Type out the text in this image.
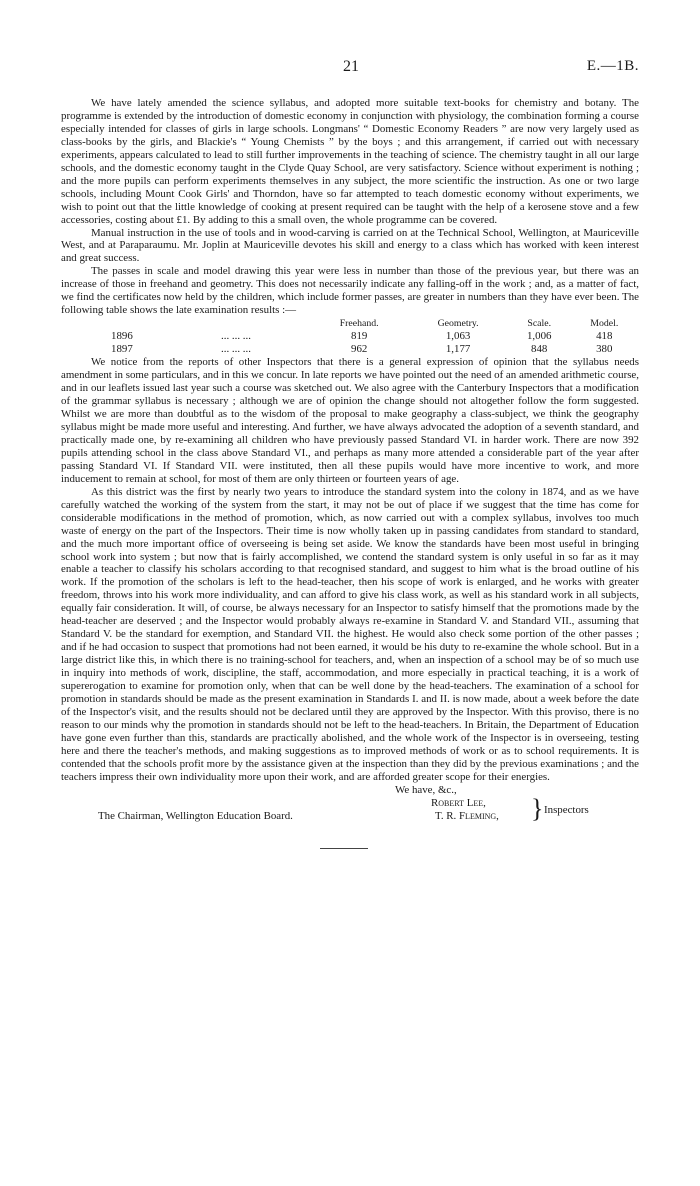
21	E.—1B.

We have lately amended the science syllabus, and adopted more suitable text-books for chemistry and botany. The programme is extended by the introduction of domestic economy in conjunction with physiology, the combination forming a course especially intended for classes of girls in large schools. Longmans' “ Domestic Economy Readers ” are now very largely used as class-books by the girls, and Blackie's “ Young Chemists ” by the boys ; and this arrangement, if carried out with necessary experiments, appears calculated to lead to still further improvements in the teaching of science. The chemistry taught in all our large schools, and the domestic economy taught in the Clyde Quay School, are very satisfactory. Science without experiment is nothing ; and the more pupils can perform experiments themselves in any subject, the more scientific the instruction. As one or two large schools, including Mount Cook Girls' and Thorndon, have so far attempted to teach domestic economy without experiments, we wish to point out that the little knowledge of cooking at present required can be taught with the help of a kerosene stove and a few accessories, costing about £1. By adding to this a small oven, the whole programme can be covered.

Manual instruction in the use of tools and in wood-carving is carried on at the Technical School, Wellington, at Mauriceville West, and at Paraparaumu. Mr. Joplin at Mauriceville devotes his skill and energy to a class which has worked with keen interest and great success.

The passes in scale and model drawing this year were less in number than those of the previous year, but there was an increase of those in freehand and geometry. This does not necessarily indicate any falling-off in the work ; and, as a matter of fact, we find the certificates now held by the children, which include former passes, are greater in numbers than they have ever been. The following table shows the late examination results :—

		Freehand.	Geometry.	Scale.	Model.
1896	... ... ...	819	1,063	1,006	418
1897	... ... ...	962	1,177	848	380

We notice from the reports of other Inspectors that there is a general expression of opinion that the syllabus needs amendment in some particulars, and in this we concur. In late reports we have pointed out the need of an amended arithmetic course, and in our leaflets issued last year such a course was sketched out. We also agree with the Canterbury Inspectors that a modification of the grammar syllabus is necessary ; although we are of opinion the change should not altogether follow the form suggested. Whilst we are more than doubtful as to the wisdom of the proposal to make geography a class-subject, we think the geography syllabus might be made more useful and interesting. And further, we have always advocated the adoption of a seventh standard, and practically made one, by re-examining all children who have previously passed Standard VI. in harder work. There are now 392 pupils attending school in the class above Standard VI., and perhaps as many more attended a considerable part of the year after passing Standard VI. If Standard VII. were instituted, then all these pupils would have more incentive to work, and more inducement to remain at school, for most of them are only thirteen or fourteen years of age.

As this district was the first by nearly two years to introduce the standard system into the colony in 1874, and as we have carefully watched the working of the system from the start, it may not be out of place if we suggest that the time has come for considerable modifications in the method of promotion, which, as now carried out with a complex syllabus, involves too much waste of energy on the part of the Inspectors. Their time is now wholly taken up in passing candidates from standard to standard, and the much more important office of overseeing is being set aside. We know the standards have been most useful in bringing school work into system ; but now that is fairly accomplished, we contend the standard system is only useful in so far as it may enable a teacher to classify his scholars according to that recognised standard, and suggest to him what is the broad outline of his work. If the promotion of the scholars is left to the head-teacher, then his scope of work is enlarged, and he works with greater freedom, throws into his work more individuality, and can afford to give his class work, as well as his standard work in all subjects, equally fair consideration. It will, of course, be always necessary for an Inspector to satisfy himself that the promotions made by the head-teacher are deserved ; and the Inspector would probably always re-examine in Standard V. and Standard VII., assuming that Standard V. be the standard for exemption, and Standard VII. the highest. He would also check some portion of the other passes ; and if he had occasion to suspect that promotions had not been earned, it would be his duty to re-examine the whole school. But in a large district like this, in which there is no training-school for teachers, and, when an inspection of a school may be of so much use in inquiry into methods of work, discipline, the staff, accommodation, and more especially in practical teaching, it is a work of supererogation to examine for promotion only, when that can be well done by the head-teachers. The examination of a school for promotion in standards should be made as the present examination in Standards I. and II. is now made, about a week before the date of the Inspector's visit, and the results should not be declared until they are approved by the Inspector. With this proviso, there is no reason to our minds why the promotion in standards should not be left to the head-teachers. In Britain, the Department of Education have gone even further than this, standards are practically abolished, and the whole work of the Inspector is in overseeing, testing here and there the teacher's methods, and making suggestions as to improved methods of work or as to school requirements. It is contended that the schools profit more by the assistance given at the inspection than they did by the previous examinations ; and the teachers impress their own individuality more upon their work, and are afforded greater scope for their energies.

We have, &c.,
Robert Lee,
T. R. Fleming, } Inspectors
The Chairman, Wellington Education Board.
